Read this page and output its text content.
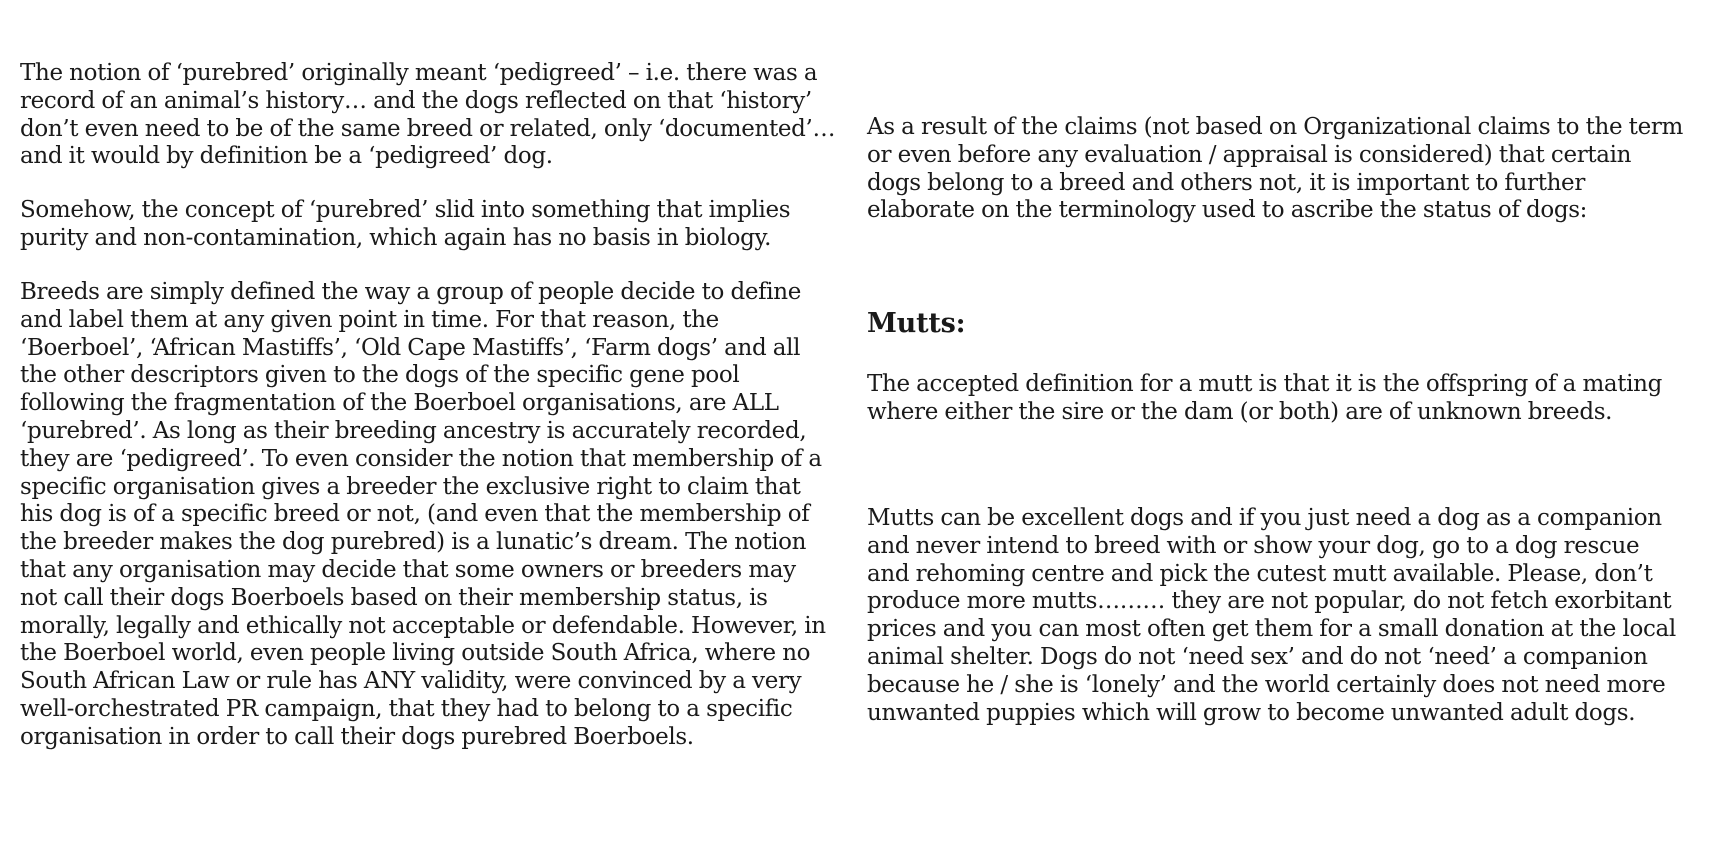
The notion of ‘purebred’ originally meant ‘pedigreed’ – i.e. there was a record of an animal’s history… and the dogs reflected on that ‘history’ don’t even need to be of the same breed or related, only ‘documented’… and it would by definition be a ‘pedigreed’ dog.

Somehow, the concept of ‘purebred’ slid into something that implies purity and non-contamination, which again has no basis in biology.

Breeds are simply defined the way a group of people decide to define and label them at any given point in time. For that reason, the ‘Boerboel’, ‘African Mastiffs’, ‘Old Cape Mastiffs’, ‘Farm dogs’ and all the other descriptors given to the dogs of the specific gene pool following the fragmentation of the Boerboel organisations, are ALL ‘purebred’. As long as their breeding ancestry is accurately recorded, they are ‘pedigreed’. To even consider the notion that membership of a specific organisation gives a breeder the exclusive right to claim that his dog is of a specific breed or not, (and even that the membership of the breeder makes the dog purebred) is a lunatic’s dream. The notion that any organisation may decide that some owners or breeders may not call their dogs Boerboels based on their membership status, is morally, legally and ethically not acceptable or defendable. However, in the Boerboel world, even people living outside South Africa, where no South African Law or rule has ANY validity, were convinced by a very well-orchestrated PR campaign, that they had to belong to a specific organisation in order to call their dogs purebred Boerboels.

As a result of the claims (not based on Organizational claims to the term or even before any evaluation / appraisal is considered) that certain dogs belong to a breed and others not, it is important to further elaborate on the terminology used to ascribe the status of dogs:

Mutts:

The accepted definition for a mutt is that it is the offspring of a mating where either the sire or the dam (or both) are of unknown breeds.

Mutts can be excellent dogs and if you just need a dog as a companion and never intend to breed with or show your dog, go to a dog rescue and rehoming centre and pick the cutest mutt available. Please, don’t produce more mutts……… they are not popular, do not fetch exorbitant prices and you can most often get them for a small donation at the local animal shelter. Dogs do not ‘need sex’ and do not ‘need’ a companion because he / she is ‘lonely’ and the world certainly does not need more unwanted puppies which will grow to become unwanted adult dogs.
